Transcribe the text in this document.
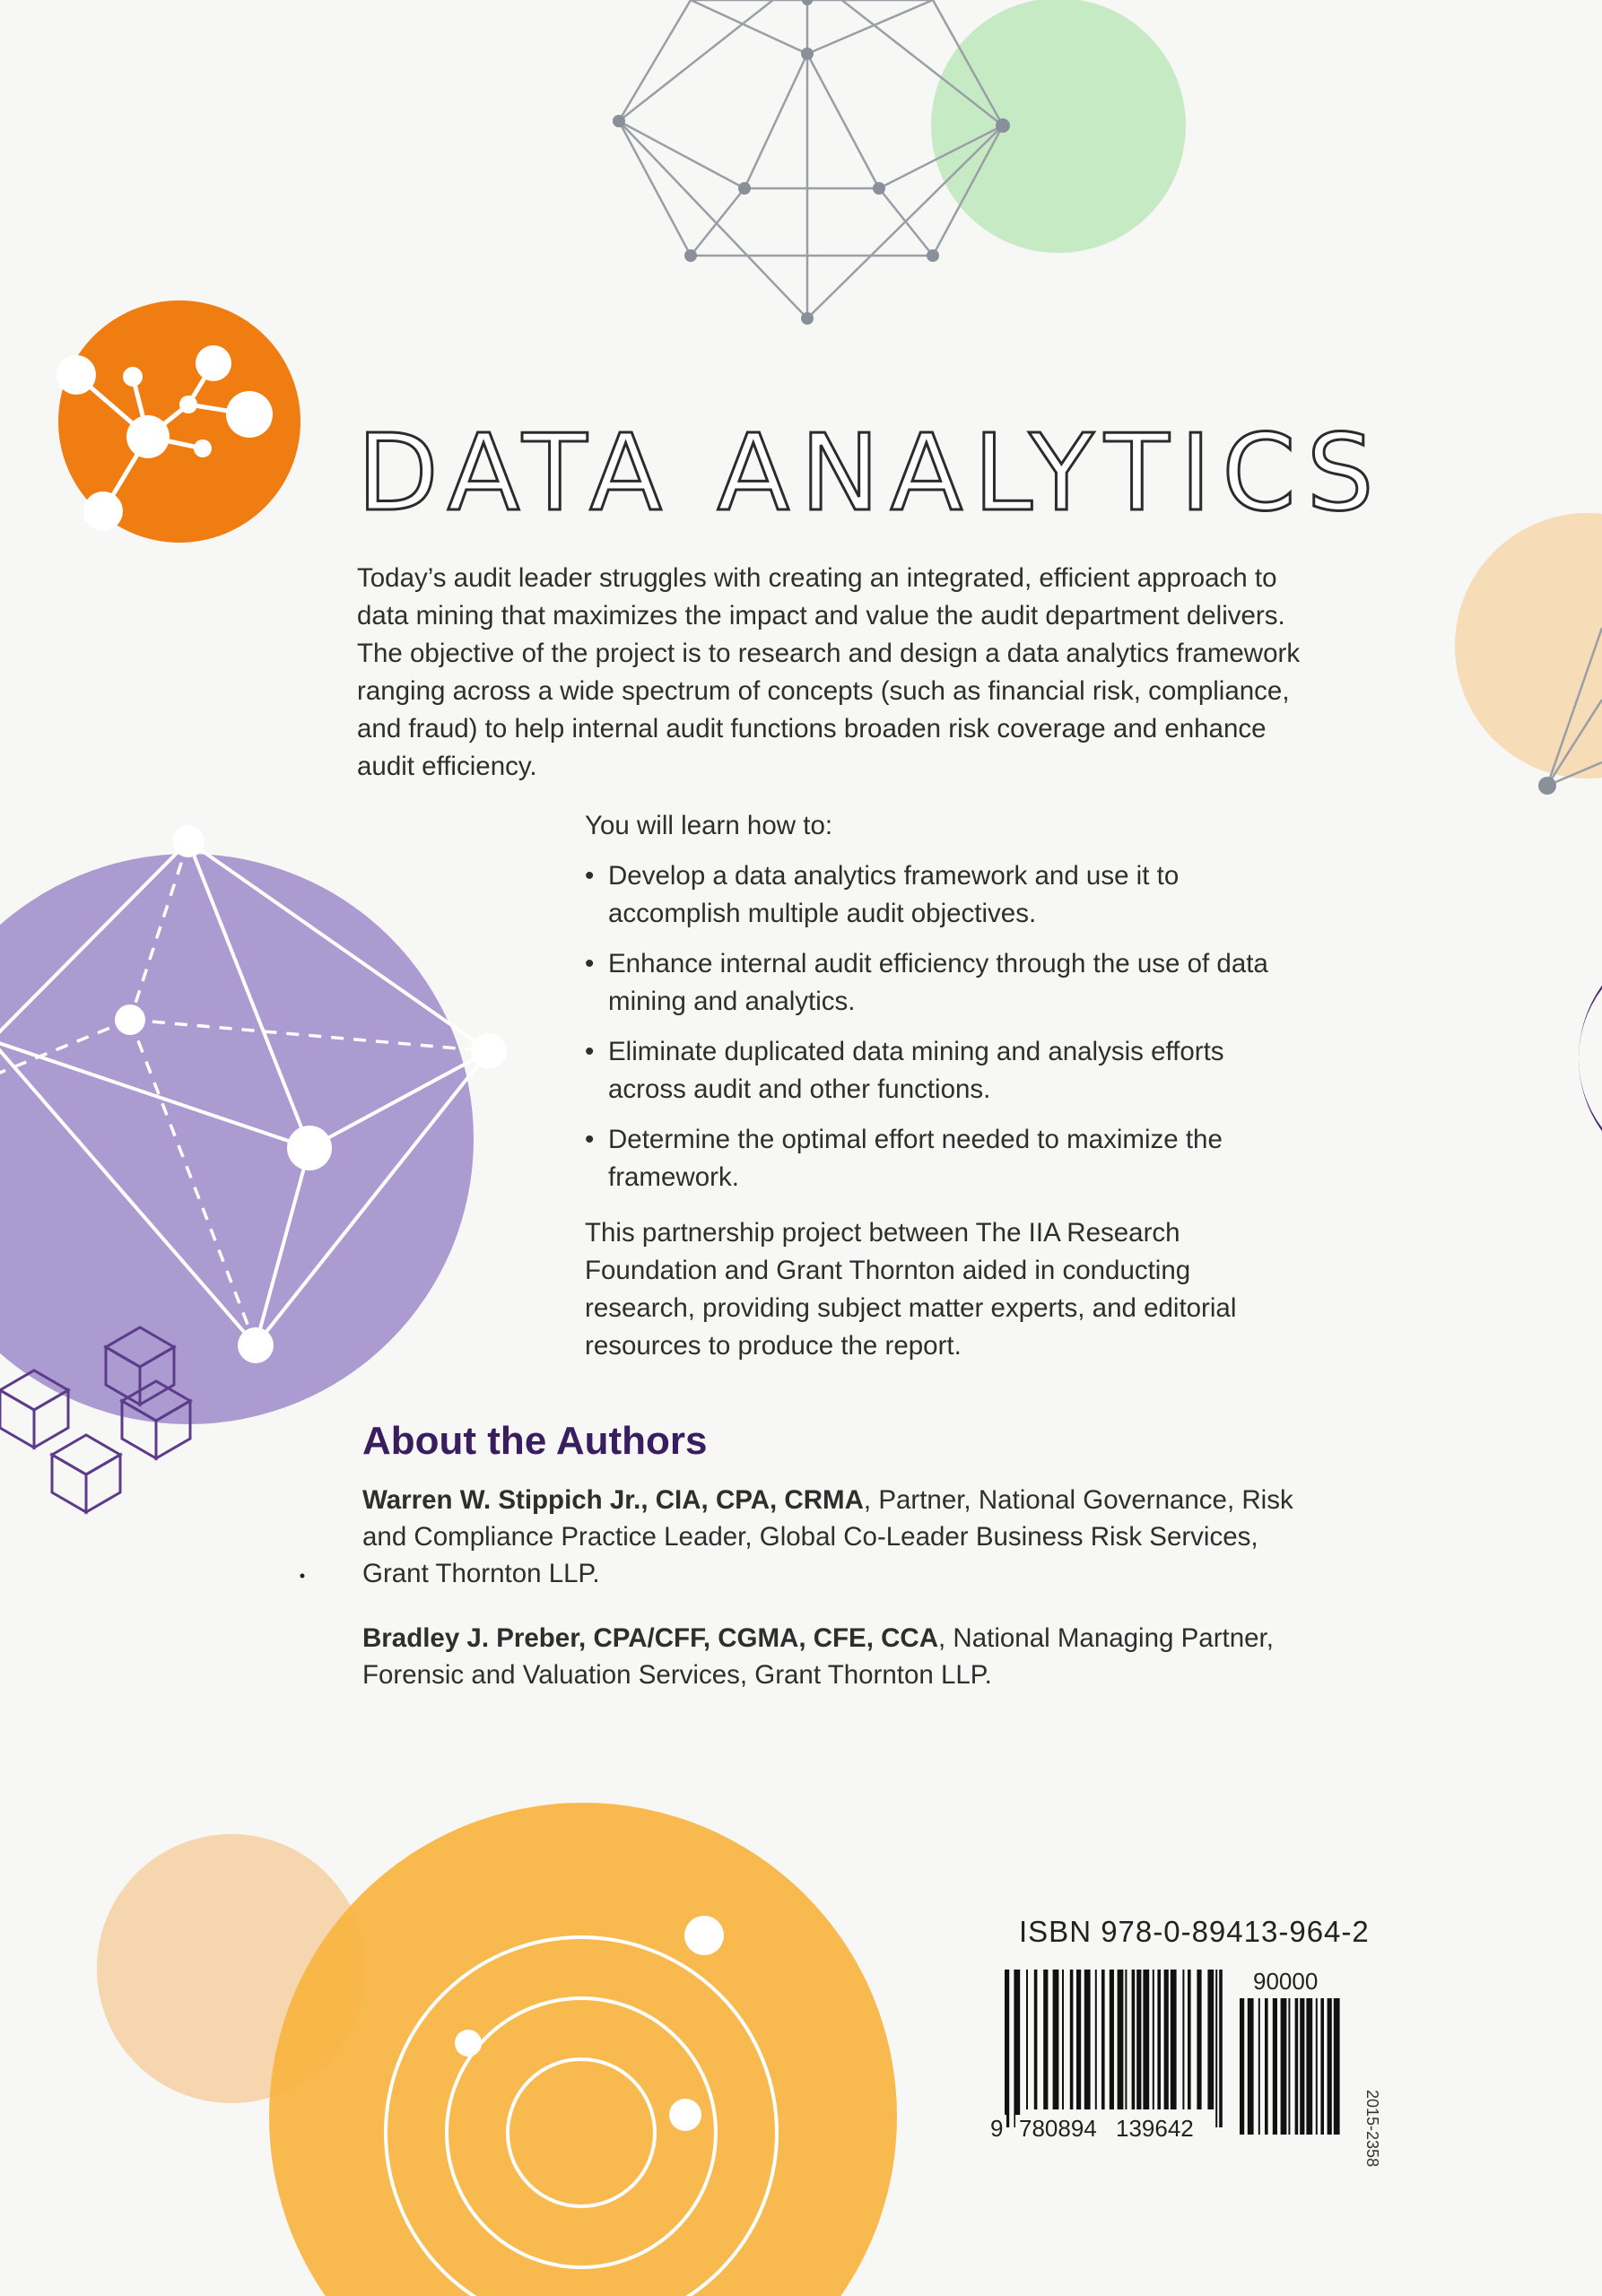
DATA ANALYTICS

Today’s audit leader struggles with creating an integrated, efficient approach to data mining that maximizes the impact and value the audit department delivers. The objective of the project is to research and design a data analytics framework ranging across a wide spectrum of concepts (such as financial risk, compliance, and fraud) to help internal audit functions broaden risk coverage and enhance audit efficiency.

You will learn how to:

• Develop a data analytics framework and use it to accomplish multiple audit objectives.
• Enhance internal audit efficiency through the use of data mining and analytics.
• Eliminate duplicated data mining and analysis efforts across audit and other functions.
• Determine the optimal effort needed to maximize the framework.

This partnership project between The IIA Research Foundation and Grant Thornton aided in conducting research, providing subject matter experts, and editorial resources to produce the report.

About the Authors

Warren W. Stippich Jr., CIA, CPA, CRMA, Partner, National Governance, Risk and Compliance Practice Leader, Global Co-Leader Business Risk Services, Grant Thornton LLP.

Bradley J. Preber, CPA/CFF, CGMA, CFE, CCA, National Managing Partner, Forensic and Valuation Services, Grant Thornton LLP.

ISBN 978-0-89413-964-2

90000
9 780894 139642	2015-2358
